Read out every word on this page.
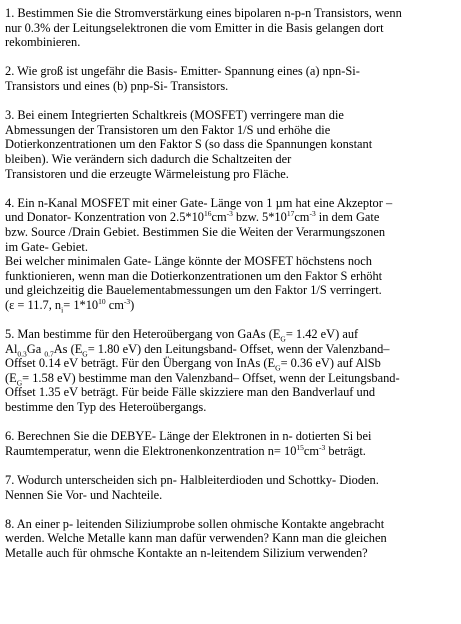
1. Bestimmen Sie die Stromverstärkung eines bipolaren n-p-n Transistors, wenn
nur 0.3% der Leitungselektronen die vom Emitter in die Basis gelangen dort
rekombinieren.
2. Wie groß ist ungefähr die Basis- Emitter- Spannung eines (a) npn-Si-
Transistors und eines (b) pnp-Si- Transistors.
3. Bei einem Integrierten Schaltkreis (MOSFET) verringere man die
Abmessungen der Transistoren um den Faktor 1/S und erhöhe die
Dotierkonzentrationen um den Faktor S (so dass die Spannungen konstant
bleiben). Wie verändern sich dadurch die Schaltzeiten der
Transistoren und die erzeugte Wärmeleistung pro Fläche.
4. Ein n-Kanal MOSFET mit einer Gate- Länge von 1 µm hat eine Akzeptor –
und Donator- Konzentration von $2.5*10^{16}cm^{-3}$ bzw. $5*10^{17}cm^{-3}$ in dem Gate
bzw. Source /Drain Gebiet. Bestimmen Sie die Weiten der Verarmungszonen
im Gate- Gebiet.
Bei welcher minimalen Gate- Länge könnte der MOSFET höchstens noch
funktionieren, wenn man die Dotierkonzentrationen um den Faktor S erhöht
und gleichzeitig die Bauelementabmessungen um den Faktor 1/S verringert.
(ε = 11.7, $n_i= 1*10^{10}$ $cm^{-3}$)
5. Man bestimme für den Heteroübergang von GaAs ($E_G= 1.42$ eV) auf
$Al_{0.3}Ga$ $_{0.7}$As ($E_G= 1.80$ eV) den Leitungsband- Offset, wenn der Valenzband–
Offset 0.14 eV beträgt. Für den Übergang von InAs ($E_G= 0.36$ eV) auf AlSb
($E_G= 1.58$ eV) bestimme man den Valenzband– Offset, wenn der Leitungsband-
Offset 1.35 eV beträgt. Für beide Fälle skizziere man den Bandverlauf und
bestimme den Typ des Heteroübergangs.
6. Berechnen Sie die DEBYE- Länge der Elektronen in n- dotierten Si bei
Raumtemperatur, wenn die Elektronenkonzentration $n= 10^{15}cm^{-3}$ beträgt.
7. Wodurch unterscheiden sich pn- Halbleiterdioden und Schottky- Dioden.
Nennen Sie Vor- und Nachteile.
8. An einer p- leitenden Siliziumprobe sollen ohmische Kontakte angebracht
werden. Welche Metalle kann man dafür verwenden? Kann man die gleichen
Metalle auch für ohmsche Kontakte an n-leitendem Silizium verwenden?
